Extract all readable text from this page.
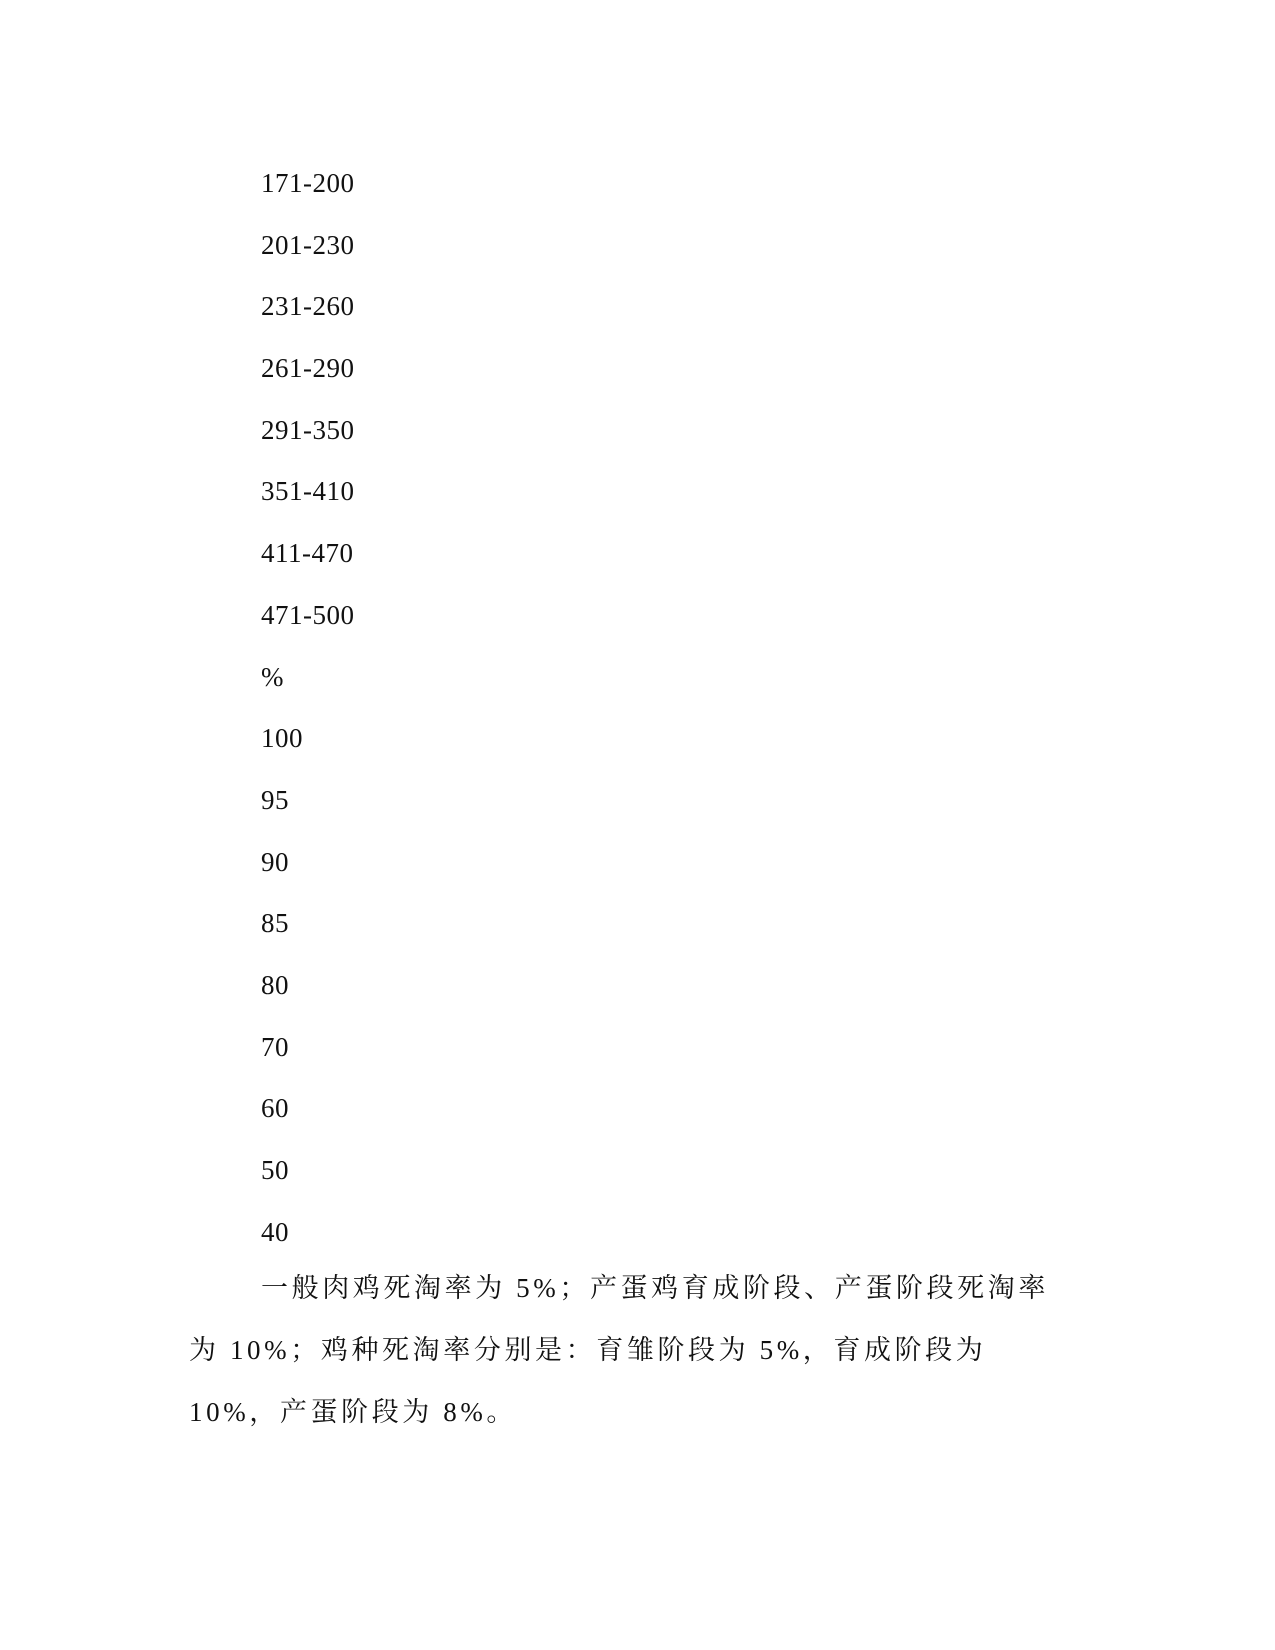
171-200
201-230
231-260
261-290
291-350
351-410
411-470
471-500
%
100
95
90
85
80
70
60
50
40

一般肉鸡死淘率为 5%；产蛋鸡育成阶段、产蛋阶段死淘率为 10%；鸡种死淘率分别是：育雏阶段为 5%，育成阶段为 10%，产蛋阶段为 8%。
